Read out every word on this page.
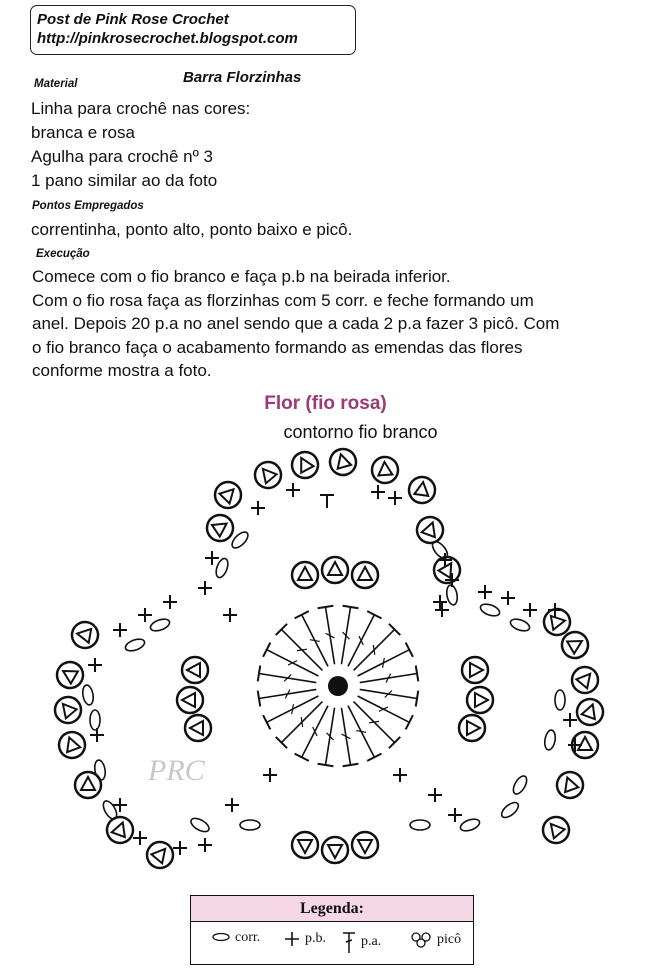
Post de Pink Rose Crochet
http://pinkrosecrochet.blogspot.com
Material	Barra Florzinhas
Linha para crochê nas cores:
branca e rosa
Agulha para crochê nº 3
1 pano similar ao da foto
Pontos Empregados
correntinha, ponto alto, ponto baixo e picô.
Execução
Comece com o fio branco e faça p.b na beirada inferior.
Com o fio rosa faça as florzinhas com 5 corr. e feche formando um
anel. Depois 20 p.a no anel sendo que a cada 2 p.a fazer 3 picô. Com
o fio branco faça o acabamento formando as emendas das flores
conforme mostra a foto.
Flor (fio rosa)
contorno fio branco
PRC
Legenda:
corr.	p.b.	p.a.	picô
